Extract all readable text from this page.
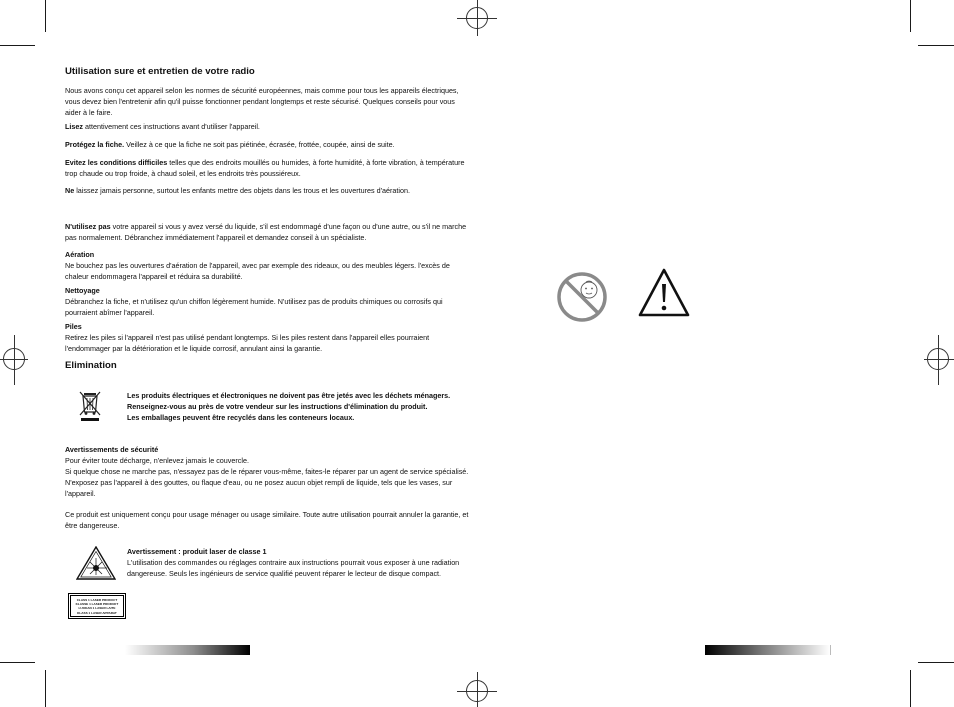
Utilisation sure et entretien de votre radio
Nous avons conçu cet appareil selon les normes de sécurité européennes, mais comme pour tous les appareils électriques, vous devez bien l'entretenir afin qu'il puisse fonctionner pendant longtemps et reste sécurisé. Quelques conseils pour vous aider à le faire.
Lisez attentivement ces instructions avant d'utiliser l'appareil.
Protégez la fiche. Veillez à ce que la fiche ne soit pas piétinée, écrasée, frottée, coupée, ainsi de suite.
Evitez les conditions difficiles telles que des endroits mouillés ou humides, à forte humidité, à forte vibration, à température trop chaude ou trop froide, à chaud soleil, et les endroits très poussiéreux.
Ne laissez jamais personne, surtout les enfants mettre des objets dans les trous et les ouvertures d'aération.
N'utilisez pas votre appareil si vous y avez versé du liquide, s'il est endommagé d'une façon ou d'une autre, ou s'il ne marche pas normalement. Débranchez immédiatement l'appareil et demandez conseil à un spécialiste.
Aération
Ne bouchez pas les ouvertures d'aération de l'appareil, avec par exemple des rideaux, ou des meubles légers. l'excès de chaleur endommagera l'appareil et réduira sa durabilité.
Nettoyage
Débranchez la fiche, et n'utilisez qu'un chiffon légèrement humide. N'utilisez pas de produits chimiques ou corrosifs qui pourraient abîmer l'appareil.
Piles
Retirez les piles si l'appareil n'est pas utilisé pendant longtemps. Si les piles restent dans l'appareil elles pourraient l'endommager par la détérioration et le liquide corrosif, annulant ainsi la garantie.
Elimination
Les produits électriques et électroniques ne doivent pas être jetés avec les déchets ménagers. Renseignez-vous au près de votre vendeur sur les instructions d'élimination du produit.
Les emballages peuvent être recyclés dans les conteneurs locaux.
Avertissements de sécurité
Pour éviter toute décharge, n'enlevez jamais le couvercle.
Si quelque chose ne marche pas, n'essayez pas de le réparer vous-même, faites-le réparer par un agent de service spécialisé.
N'exposez pas l'appareil à des gouttes, ou flaque d'eau, ou ne posez aucun objet rempli de liquide, tels que les vases, sur l'appareil.
Ce produit est uniquement conçu pour usage ménager ou usage similaire. Toute autre utilisation pourrait annuler la garantie, et être dangereuse.
Avertissement : produit laser de classe 1
L'utilisation des commandes ou réglages contraire aux instructions pourrait vous exposer à une radiation dangereuse. Seuls les ingénieurs de service qualifié peuvent réparer le lecteur de disque compact.
CLASS 1 LASER PRODUCT
KLASSE 1 LASER PRODUKT
LUOKAN 1 LASER LAITE
KLASS 1 LASER APPARAT
